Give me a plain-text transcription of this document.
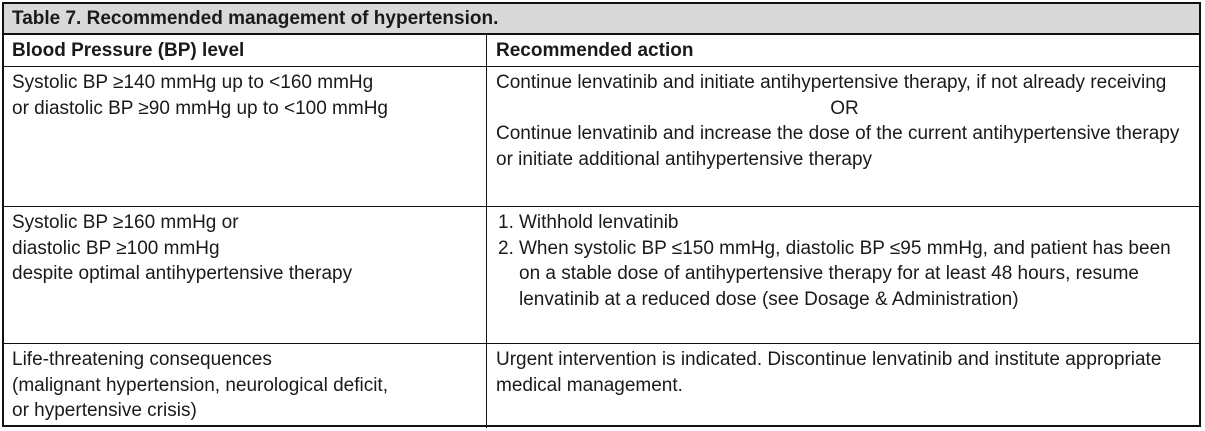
Table 7. Recommended management of hypertension.
Blood Pressure (BP) level	Recommended action
Systolic BP ≥140 mmHg up to <160 mmHg
or diastolic BP ≥90 mmHg up to <100 mmHg
Continue lenvatinib and initiate antihypertensive therapy, if not already receiving
OR
Continue lenvatinib and increase the dose of the current antihypertensive therapy or initiate additional antihypertensive therapy
Systolic BP ≥160 mmHg or
diastolic BP ≥100 mmHg
despite optimal antihypertensive therapy
1. Withhold lenvatinib
2. When systolic BP ≤150 mmHg, diastolic BP ≤95 mmHg, and patient has been on a stable dose of antihypertensive therapy for at least 48 hours, resume lenvatinib at a reduced dose (see Dosage & Administration)
Life-threatening consequences
(malignant hypertension, neurological deficit,
or hypertensive crisis)
Urgent intervention is indicated. Discontinue lenvatinib and institute appropriate medical management.
